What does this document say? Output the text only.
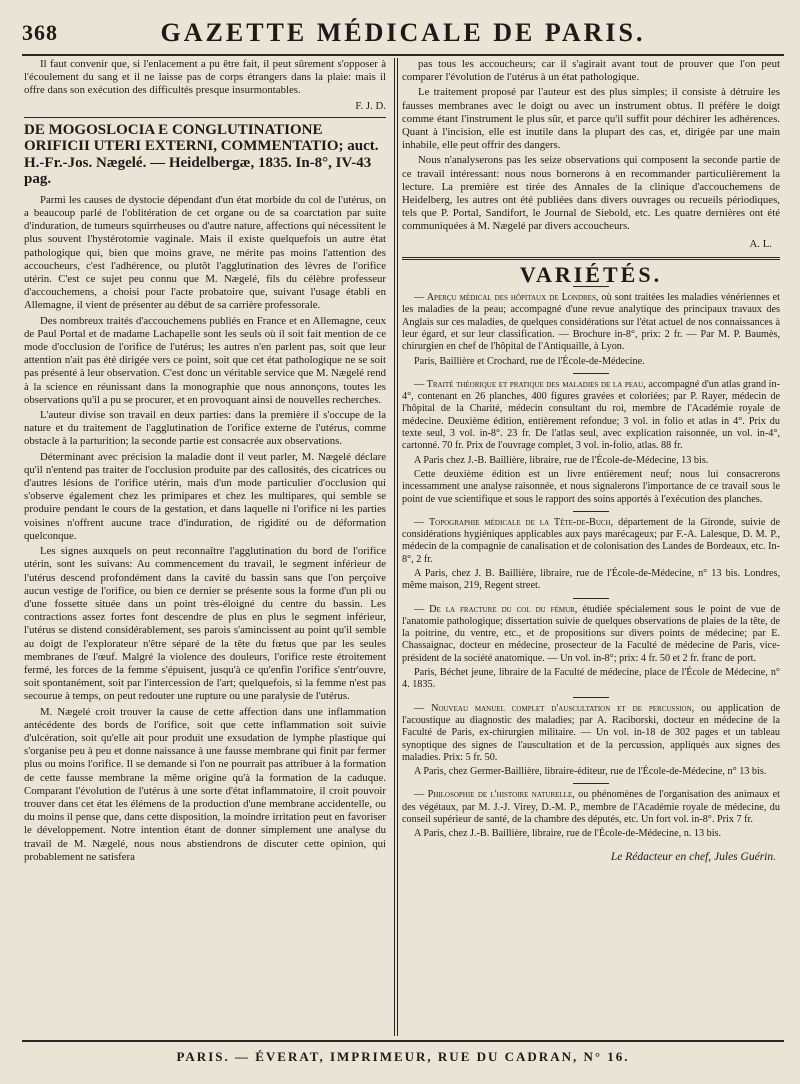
368	GAZETTE MÉDICALE DE PARIS.

Il faut convenir que, si l'enlacement a pu être fait, il peut sûrement s'opposer à l'écoulement du sang et il ne laisse pas de corps étrangers dans la plaie: mais il offre dans son exécution des difficultés presque insurmontables.

F. J. D.

DE MOGOSLOCIA E CONGLUTINATIONE ORIFICII UTERI EXTERNI, COMMENTATIO; auct. H.-Fr.-Jos. Nægelé. — Heidelbergæ, 1835. In-8°, IV-43 pag.

Parmi les causes de dystocie dépendant d'un état morbide du col de l'utérus, on a beaucoup parlé de l'oblitération de cet organe ou de sa coarctation par suite d'induration, de tumeurs squirrheuses ou d'autre nature, affections qui nécessitent le plus souvent l'hystérotomie vaginale. Mais il existe quelquefois un autre état pathologique qui, bien que moins grave, ne mérite pas moins l'attention des accoucheurs, c'est l'adhérence, ou plutôt l'agglutination des lèvres de l'orifice utérin. C'est ce sujet peu connu que M. Nægelé, fils du célèbre professeur d'accouchemens, a choisi pour l'acte probatoire que, suivant l'usage établi en Allemagne, il vient de présenter au début de sa carrière professorale.

Des nombreux traités d'accouchemens publiés en France et en Allemagne, ceux de Paul Portal et de madame Lachapelle sont les seuls où il soit fait mention de ce mode d'occlusion de l'orifice de l'utérus; les autres n'en parlent pas, soit que leur attention n'ait pas été dirigée vers ce point, soit que cet état pathologique ne se soit pas présenté à leur observation. C'est donc un véritable service que M. Nægelé rend à la science en réunissant dans la monographie que nous annonçons, toutes les observations qu'il a pu se procurer, et en provoquant ainsi de nouvelles recherches.

L'auteur divise son travail en deux parties: dans la première il s'occupe de la nature et du traitement de l'agglutination de l'orifice externe de l'utérus, comme obstacle à la parturition; la seconde partie est consacrée aux observations.

Déterminant avec précision la maladie dont il veut parler, M. Nægelé déclare qu'il n'entend pas traiter de l'occlusion produite par des callosités, des cicatrices ou d'autres lésions de l'orifice utérin, mais d'un mode particulier d'occlusion qui s'observe également chez les primipares et chez les multipares, qui semble se produire pendant le cours de la gestation, et dans laquelle ni l'orifice ni les parties voisines n'offrent aucune trace d'induration, de rigidité ou de déformation quelconque.

Les signes auxquels on peut reconnaître l'agglutination du bord de l'orifice utérin, sont les suivans: Au commencement du travail, le segment inférieur de l'utérus descend profondément dans la cavité du bassin sans que l'on perçoive aucun vestige de l'orifice, ou bien ce dernier se présente sous la forme d'un pli ou d'une fossette située dans un point très-éloigné du centre du bassin. Les contractions assez fortes font descendre de plus en plus le segment inférieur, l'utérus se distend considérablement, ses parois s'amincissent au point qu'il semble au doigt de l'explorateur n'être séparé de la tête du fœtus que par les seules membranes de l'œuf. Malgré la violence des douleurs, l'orifice reste étroitement fermé, les forces de la femme s'épuisent, jusqu'à ce qu'enfin l'orifice s'entr'ouvre, soit spontanément, soit par l'intercession de l'art; quelquefois, si la femme n'est pas secourue à temps, on peut redouter une rupture ou une paralysie de l'utérus.

M. Nægelé croit trouver la cause de cette affection dans une inflammation antécédente des bords de l'orifice, soit que cette inflammation soit suivie d'ulcération, soit qu'elle ait pour produit une exsudation de lymphe plastique qui s'organise peu à peu et donne naissance à une fausse membrane qui finit par fermer plus ou moins l'orifice. Il se demande si l'on ne pourrait pas attribuer à la formation de cette fausse membrane la même origine qu'à la formation de la caduque. Comparant l'évolution de l'utérus à une sorte d'état inflammatoire, il croit pouvoir trouver dans cet état les élémens de la production d'une membrane accidentelle, ou du moins il pense que, dans cette disposition, la moindre irritation peut en favoriser le développement. Notre intention étant de donner simplement une analyse du travail de M. Nægelé, nous nous abstiendrons de discuter cette opinion, qui probablement ne satisfera

pas tous les accoucheurs; car il s'agirait avant tout de prouver que l'on peut comparer l'évolution de l'utérus à un état pathologique.

Le traitement proposé par l'auteur est des plus simples; il consiste à détruire les fausses membranes avec le doigt ou avec un instrument obtus. Il préfère le doigt comme étant l'instrument le plus sûr, et parce qu'il suffit pour déchirer les adhérences. Quant à l'incision, elle est inutile dans la plupart des cas, et, dirigée par une main inhabile, elle peut offrir des dangers.

Nous n'analyserons pas les seize observations qui composent la seconde partie de ce travail intéressant: nous nous bornerons à en recommander particulièrement la lecture. La première est tirée des Annales de la clinique d'accouchemens de Heidelberg, les autres ont été publiées dans divers ouvrages ou recueils périodiques, tels que P. Portal, Sandifort, le Journal de Siebold, etc. Les quatre dernières ont été communiquées à M. Nægelé par divers accoucheurs.

A. L.

VARIÉTÉS.

— Aperçu médical des hôpitaux de Londres, où sont traitées les maladies vénériennes et les maladies de la peau; accompagné d'une revue analytique des principaux travaux des Anglais sur ces maladies, de quelques considérations sur l'état actuel de nos connaissances à leur égard, et sur leur classification. — Brochure in-8°, prix: 2 fr. — Par M. P. Baumès, chirurgien en chef de l'hôpital de l'Antiquaille, à Lyon.

Paris, Baillière et Crochard, rue de l'École-de-Médecine.

— Traité théorique et pratique des maladies de la peau, accompagné d'un atlas grand in-4°, contenant en 26 planches, 400 figures gravées et coloriées; par P. Rayer, médecin de l'hôpital de la Charité, médecin consultant du roi, membre de l'Académie royale de médecine. Deuxième édition, entièrement refondue; 3 vol. in folio et atlas in 4°. Prix du texte seul, 3 vol. in-8°. 23 fr. De l'atlas seul, avec explication raisonnée, un vol. in-4°, cartonné. 70 fr. Prix de l'ouvrage complet, 3 vol. in-folio, atlas. 88 fr.

A Paris chez J.-B. Baillière, libraire, rue de l'École-de-Médecine, 13 bis.

Cette deuxième édition est un livre entièrement neuf; nous lui consacrerons incessamment une analyse raisonnée, et nous signalerons l'importance de ce travail sous le point de vue scientifique et sous le rapport des soins apportés à l'exécution des planches.

— Topographie médicale de la Tête-de-Buch, département de la Gironde, suivie de considérations hygiéniques applicables aux pays marécageux; par F.-A. Lalesque, D. M. P., médecin de la compagnie de canalisation et de colonisation des Landes de Bordeaux, etc. In-8°, 2 fr.

A Paris, chez J. B. Baillière, libraire, rue de l'École-de-Médecine, n° 13 bis. Londres, même maison, 219, Regent street.

— De la fracture du col du fémur, étudiée spécialement sous le point de vue de l'anatomie pathologique; dissertation suivie de quelques observations de plaies de la tête, de la poitrine, du ventre, etc., et de propositions sur divers points de médecine; par E. Chassaignac, docteur en médecine, prosecteur de la Faculté de médecine de Paris, vice-président de la société anatomique. — Un vol. in-8°; prix: 4 fr. 50 et 2 fr. franc de port.

Paris, Béchet jeune, libraire de la Faculté de médecine, place de l'École de Médecine, n° 4. 1835.

— Nouveau manuel complet d'auscultation et de percussion, ou application de l'acoustique au diagnostic des maladies; par A. Raciborski, docteur en médecine de la Faculté de Paris, ex-chirurgien militaire. — Un vol. in-18 de 302 pages et un tableau synoptique des signes de l'auscultation et de la percussion, appliqués aux signes des maladies. Prix: 5 fr. 50.

A Paris, chez Germer-Baillière, libraire-éditeur, rue de l'École-de-Médecine, n° 13 bis.

— Philosophie de l'histoire naturelle, ou phénomènes de l'organisation des animaux et des végétaux, par M. J.-J. Virey, D.-M. P., membre de l'Académie royale de médecine, du conseil supérieur de santé, de la chambre des députés, etc. Un fort vol. in-8°. Prix 7 fr.

A Paris, chez J.-B. Baillière, libraire, rue de l'École-de-Médecine, n. 13 bis.

Le Rédacteur en chef, Jules Guérin.

PARIS. — ÉVERAT, IMPRIMEUR, RUE DU CADRAN, N° 16.
